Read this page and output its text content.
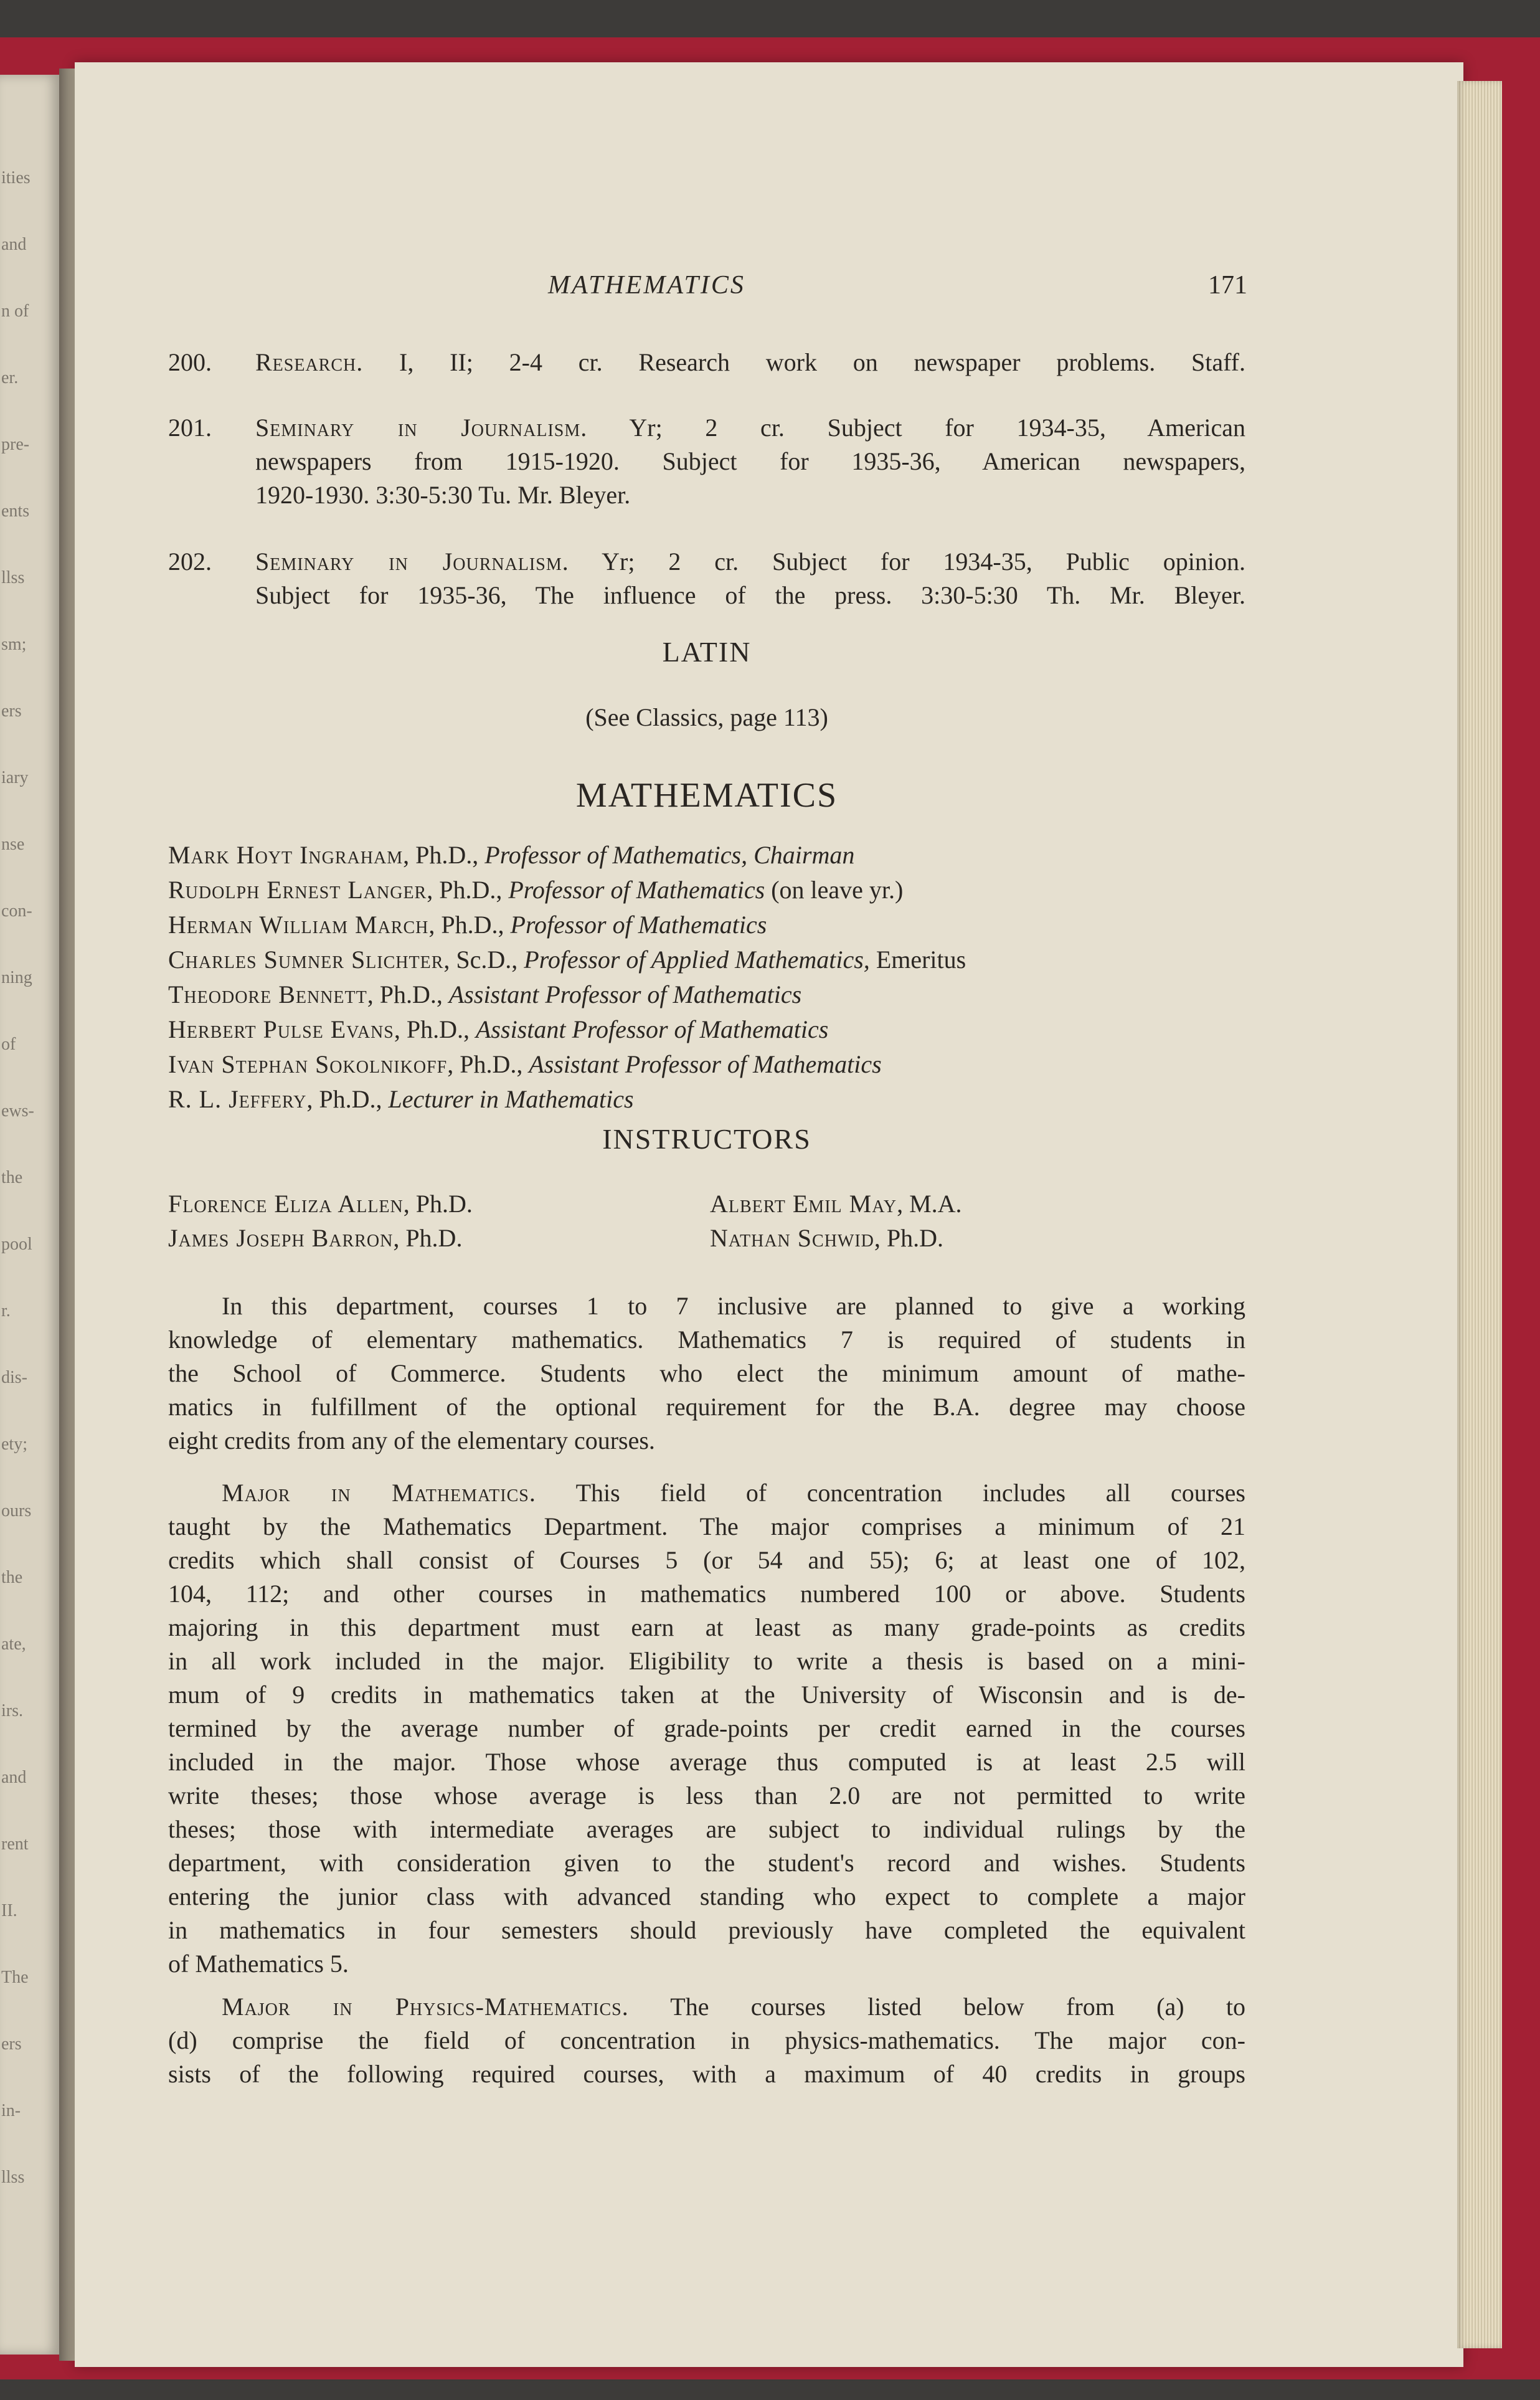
ities
and
n of
er.
pre-
ents
llss
sm;
ers
iary
nse
con-
ning
of
ews-
the
pool
r.
dis-
ety;
ours
the
ate,
irs.
and
rent
II.
The
ers
in-
llss
MATHEMATICS	171
200. Research. I, II; 2-4 cr. Research work on newspaper problems. Staff.
201. Seminary in Journalism. Yr; 2 cr. Subject for 1934-35, American
newspapers from 1915-1920. Subject for 1935-36, American newspapers,
1920-1930. 3:30-5:30 Tu. Mr. Bleyer.
202. Seminary in Journalism. Yr; 2 cr. Subject for 1934-35, Public opinion.
Subject for 1935-36, The influence of the press. 3:30-5:30 Th. Mr. Bleyer.
LATIN
(See Classics, page 113)
MATHEMATICS
Mark Hoyt Ingraham, Ph.D., Professor of Mathematics, Chairman
Rudolph Ernest Langer, Ph.D., Professor of Mathematics (on leave yr.)
Herman William March, Ph.D., Professor of Mathematics
Charles Sumner Slichter, Sc.D., Professor of Applied Mathematics, Emeritus
Theodore Bennett, Ph.D., Assistant Professor of Mathematics
Herbert Pulse Evans, Ph.D., Assistant Professor of Mathematics
Ivan Stephan Sokolnikoff, Ph.D., Assistant Professor of Mathematics
R. L. Jeffery, Ph.D., Lecturer in Mathematics
INSTRUCTORS
Florence Eliza Allen, Ph.D.	Albert Emil May, M.A.
James Joseph Barron, Ph.D.	Nathan Schwid, Ph.D.
In this department, courses 1 to 7 inclusive are planned to give a working
knowledge of elementary mathematics. Mathematics 7 is required of students in
the School of Commerce. Students who elect the minimum amount of mathe-
matics in fulfillment of the optional requirement for the B.A. degree may choose
eight credits from any of the elementary courses.
Major in Mathematics. This field of concentration includes all courses
taught by the Mathematics Department. The major comprises a minimum of 21
credits which shall consist of Courses 5 (or 54 and 55); 6; at least one of 102,
104, 112; and other courses in mathematics numbered 100 or above. Students
majoring in this department must earn at least as many grade-points as credits
in all work included in the major. Eligibility to write a thesis is based on a mini-
mum of 9 credits in mathematics taken at the University of Wisconsin and is de-
termined by the average number of grade-points per credit earned in the courses
included in the major. Those whose average thus computed is at least 2.5 will
write theses; those whose average is less than 2.0 are not permitted to write
theses; those with intermediate averages are subject to individual rulings by the
department, with consideration given to the student's record and wishes. Students
entering the junior class with advanced standing who expect to complete a major
in mathematics in four semesters should previously have completed the equivalent
of Mathematics 5.
Major in Physics-Mathematics. The courses listed below from (a) to
(d) comprise the field of concentration in physics-mathematics. The major con-
sists of the following required courses, with a maximum of 40 credits in groups
